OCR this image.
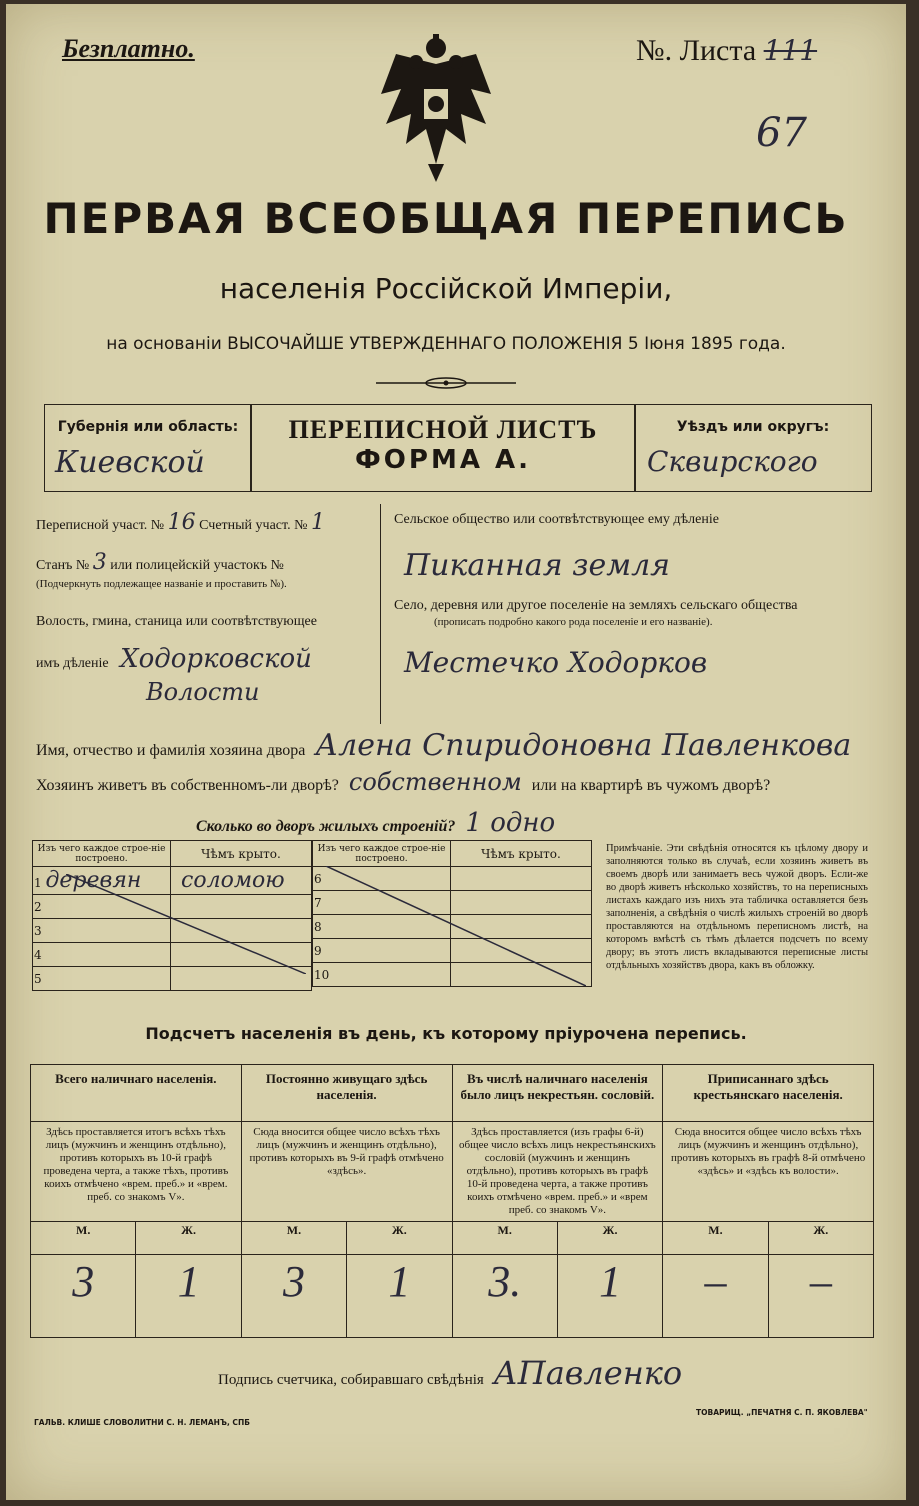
Безплатно.	№. Листа 111
67
ПЕРВАЯ ВСЕОБЩАЯ ПЕРЕПИСЬ
населенія Россійской Имперіи,
на основаніи ВЫСОЧАЙШЕ УТВЕРЖДЕННАГО ПОЛОЖЕНІЯ 5 Іюня 1895 года.
Губернія или область:
Киевской
ПЕРЕПИСНОЙ ЛИСТЪ
ФОРМА А.
Уѣздъ или округъ:
Сквирского
Переписной участ. № 16 Счетный участ. № 1
Станъ № 3 или полицейскій участокъ №
(Подчеркнуть подлежащее названіе и проставить №).
Волость, гмина, станица или соотвѣтствующее
имъ дѣленіе Ходорковской
Волости
Сельское общество или соотвѣтствующее ему дѣленіе
Пиканная земля
Село, деревня или другое поселеніе на земляхъ сельскаго общества
(прописать подробно какого рода поселеніе и его названіе).
Местечко Ходорков
Имя, отчество и фамилія хозяина двора Алена Спиридоновна Павленкова
Хозяинъ живетъ въ собственномъ-ли дворѣ? собственном или на квартирѣ въ чужомъ дворѣ?
Сколько во дворъ жилыхъ строеній? 1 одно
Изъ чего каждое строе-ніе построено.	Чѣмъ крыто.
1 деревян	соломою
2	
3	
4	
5	
Изъ чего каждое строе-ніе построено.	Чѣмъ крыто.
6	
7	
8	
9	
10	
Примѣчаніе. Эти свѣдѣнія относятся къ цѣлому двору и заполняются только въ случаѣ, если хозяинъ живетъ въ своемъ дворѣ или занимаетъ весь чужой дворъ. Если-же во дворѣ живетъ нѣсколько хозяйствъ, то на переписныхъ листахъ каждаго изъ нихъ эта табличка оставляется безъ заполненія, а свѣдѣнія о числѣ жилыхъ строеній во дворѣ проставляются на отдѣльномъ переписномъ листѣ, на которомъ вмѣстѣ съ тѣмъ дѣлается подсчетъ по всему двору; въ этотъ листъ вкладываются переписные листы отдѣльныхъ хозяйствъ двора, какъ въ обложку.
Подсчетъ населенія въ день, къ которому пріурочена перепись.
Всего наличнаго населенія.		Постоянно живущаго здѣсь населенія.		Въ числѣ наличнаго населенія было лицъ некрестьян. сословій.		Приписаннаго здѣсь крестьянскаго населенія.	
Здѣсь проставляется итогъ всѣхъ тѣхъ лицъ (мужчинъ и женщинъ отдѣльно), противъ которыхъ въ 10-й графѣ проведена черта, а также тѣхъ, противъ коихъ отмѣчено «врем. преб.» и «врем. преб. со знакомъ V».		Сюда вносится общее число всѣхъ тѣхъ лицъ (мужчинъ и женщинъ отдѣльно), противъ которыхъ въ 9-й графѣ отмѣчено «здѣсь».		Здѣсь проставляется (изъ графы 6-й) общее число всѣхъ лицъ некрестьянскихъ сословій (мужчинъ и женщинъ отдѣльно), противъ которыхъ въ графѣ 10-й проведена черта, а также противъ коихъ отмѣчено «врем. преб.» и «врем преб. со знакомъ V».		Сюда вносится общее число всѣхъ тѣхъ лицъ (мужчинъ и женщинъ отдѣльно), противъ которыхъ въ графѣ 8-й отмѣчено «здѣсь» и «здѣсь къ волости».	
М.	Ж.	М.	Ж.	М.	Ж.	М.	Ж.
3	1	3	1	3.	1	–	–
Подпись счетчика, собиравшаго свѣдѣнія АПавленко
ГАЛЬВ. КЛИШЕ СЛОВОЛИТНИ С. Н. ЛЕМАНЪ, СПБ
ТОВАРИЩ. „ПЕЧАТНЯ С. П. ЯКОВЛЕВА"
